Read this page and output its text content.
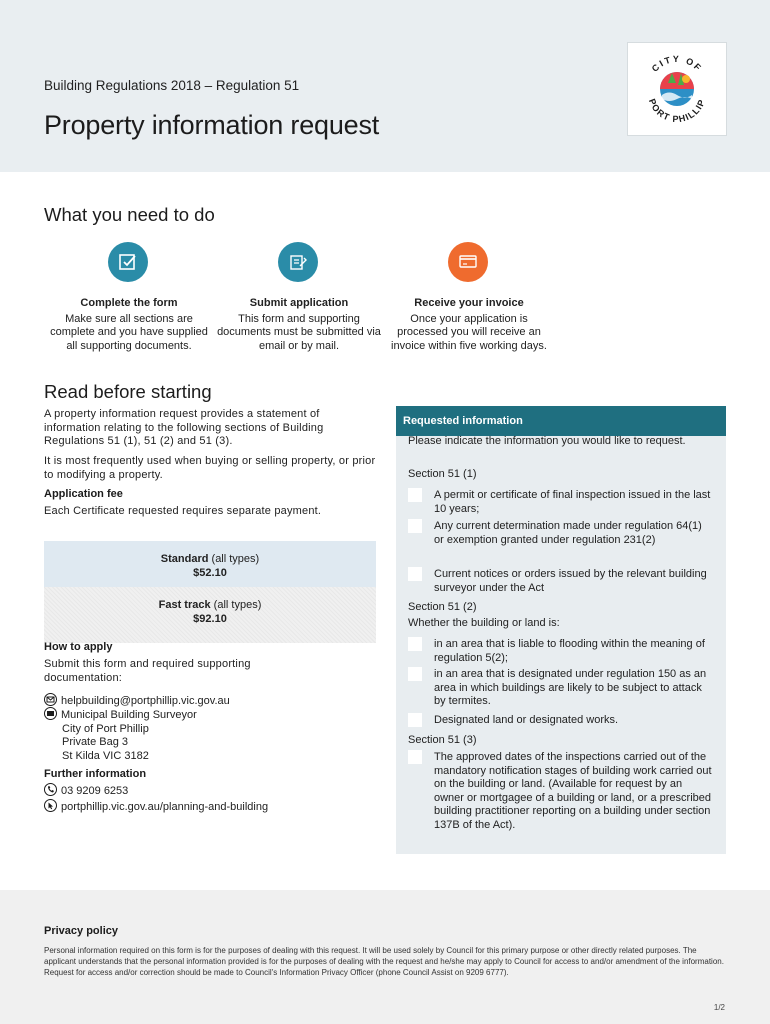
Building Regulations 2018 – Regulation 51
Property information request
CITY OF
PORT PHILLIP
What you need to do
Complete the form
Make sure all sections are complete and you have supplied all supporting documents.
Submit application
This form and supporting documents must be submitted via email or by mail.
Receive your invoice
Once your application is processed you will receive an invoice within five working days.
Read before starting
A property information request provides a statement of information relating to the following sections of Building Regulations 51 (1), 51 (2) and 51 (3).
It is most frequently used when buying or selling property, or prior to modifying a property.
Application fee
Each Certificate requested requires separate payment.
Standard (all types)
$52.10
Fast track (all types)
$92.10
How to apply
Submit this form and required supporting documentation:
helpbuilding@portphillip.vic.gov.au
Municipal Building Surveyor
City of Port Phillip
Private Bag 3
St Kilda VIC 3182
Further information
03 9209 6253
portphillip.vic.gov.au/planning-and-building
Requested information
Please indicate the information you would like to request.
Section 51 (1)
A permit or certificate of final inspection issued in the last 10 years;
Any current determination made under regulation 64(1) or exemption granted under regulation 231(2)
Current notices or orders issued by the relevant building surveyor under the Act
Section 51 (2)
Whether the building or land is:
in an area that is liable to flooding within the meaning of regulation 5(2);
in an area that is designated under regulation 150 as an area in which buildings are likely to be subject to attack by termites.
Designated land or designated works.
Section 51 (3)
The approved dates of the inspections carried out of the mandatory notification stages of building work carried out on the building or land. (Available for request by an owner or mortgagee of a building or land, or a prescribed building practitioner reporting on a building under section 137B of the Act).
Privacy policy
Personal information required on this form is for the purposes of dealing with this request. It will be used solely by Council for this primary purpose or other directly related purposes. The applicant understands that the personal information provided is for the purposes of dealing with the request and he/she may apply to Council for access to and/or amendment of the information. Request for access and/or correction should be made to Council's Information Privacy Officer (phone Council Assist on 9209 6777).
1/2
